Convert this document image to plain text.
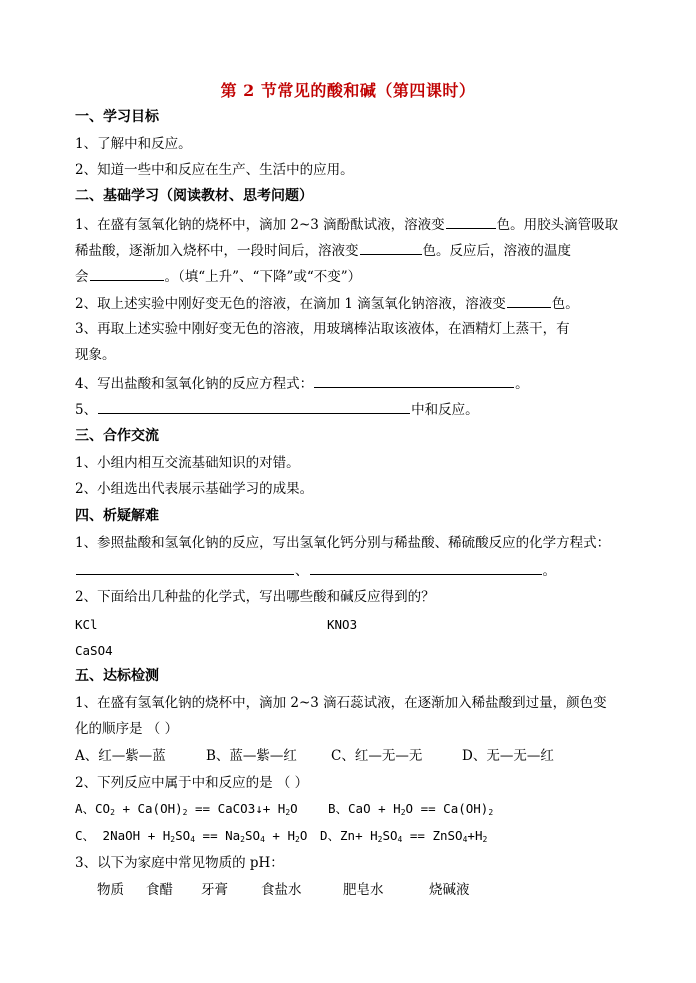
第 2 节常见的酸和碱（第四课时）
一、学习目标
1、了解中和反应。
2、知道一些中和反应在生产、生活中的应用。
二、基础学习（阅读教材、思考问题）
1、在盛有氢氧化钠的烧杯中，滴加 2~3 滴酚酞试液，溶液变	色。用胶头滴管吸取
稀盐酸，逐渐加入烧杯中，一段时间后，溶液变	色。反应后，溶液的温度
会	。（填“上升”、“下降”或“不变”）
2、取上述实验中刚好变无色的溶液，在滴加 1 滴氢氧化钠溶液，溶液变	色。
3、再取上述实验中刚好变无色的溶液，用玻璃棒沾取该液体，在酒精灯上蒸干，有
现象。
4、写出盐酸和氢氧化钠的反应方程式：	。
5、	中和反应。
三、合作交流
1、小组内相互交流基础知识的对错。
2、小组选出代表展示基础学习的成果。
四、析疑解难
1、参照盐酸和氢氧化钠的反应，写出氢氧化钙分别与稀盐酸、稀硫酸反应的化学方程式：
、	。
2、下面给出几种盐的化学式，写出哪些酸和碱反应得到的？
KCl	KNO3
CaSO4
五、达标检测
1、在盛有氢氧化钠的烧杯中，滴加 2~3 滴石蕊试液，在逐渐加入稀盐酸到过量，颜色变
化的顺序是 （ ）
A、红—紫—蓝	B、蓝—紫—红	C、红—无—无	D、无—无—红
2、下列反应中属于中和反应的是 （ ）
A、$CO_2 + Ca(OH)_2$ == CaCO3↓+ $H_2O$ B、CaO + $H_2O == Ca(OH)_2$
C、 2NaOH + $H_2SO_4 == Na_2SO_4 + H_2O$ D、$Zn+ H_2SO_4$ == $ZnSO_4+H_2$
3、以下为家庭中常见物质的 pH：
物质 食醋 牙膏 食盐水	肥皂水	烧碱液
